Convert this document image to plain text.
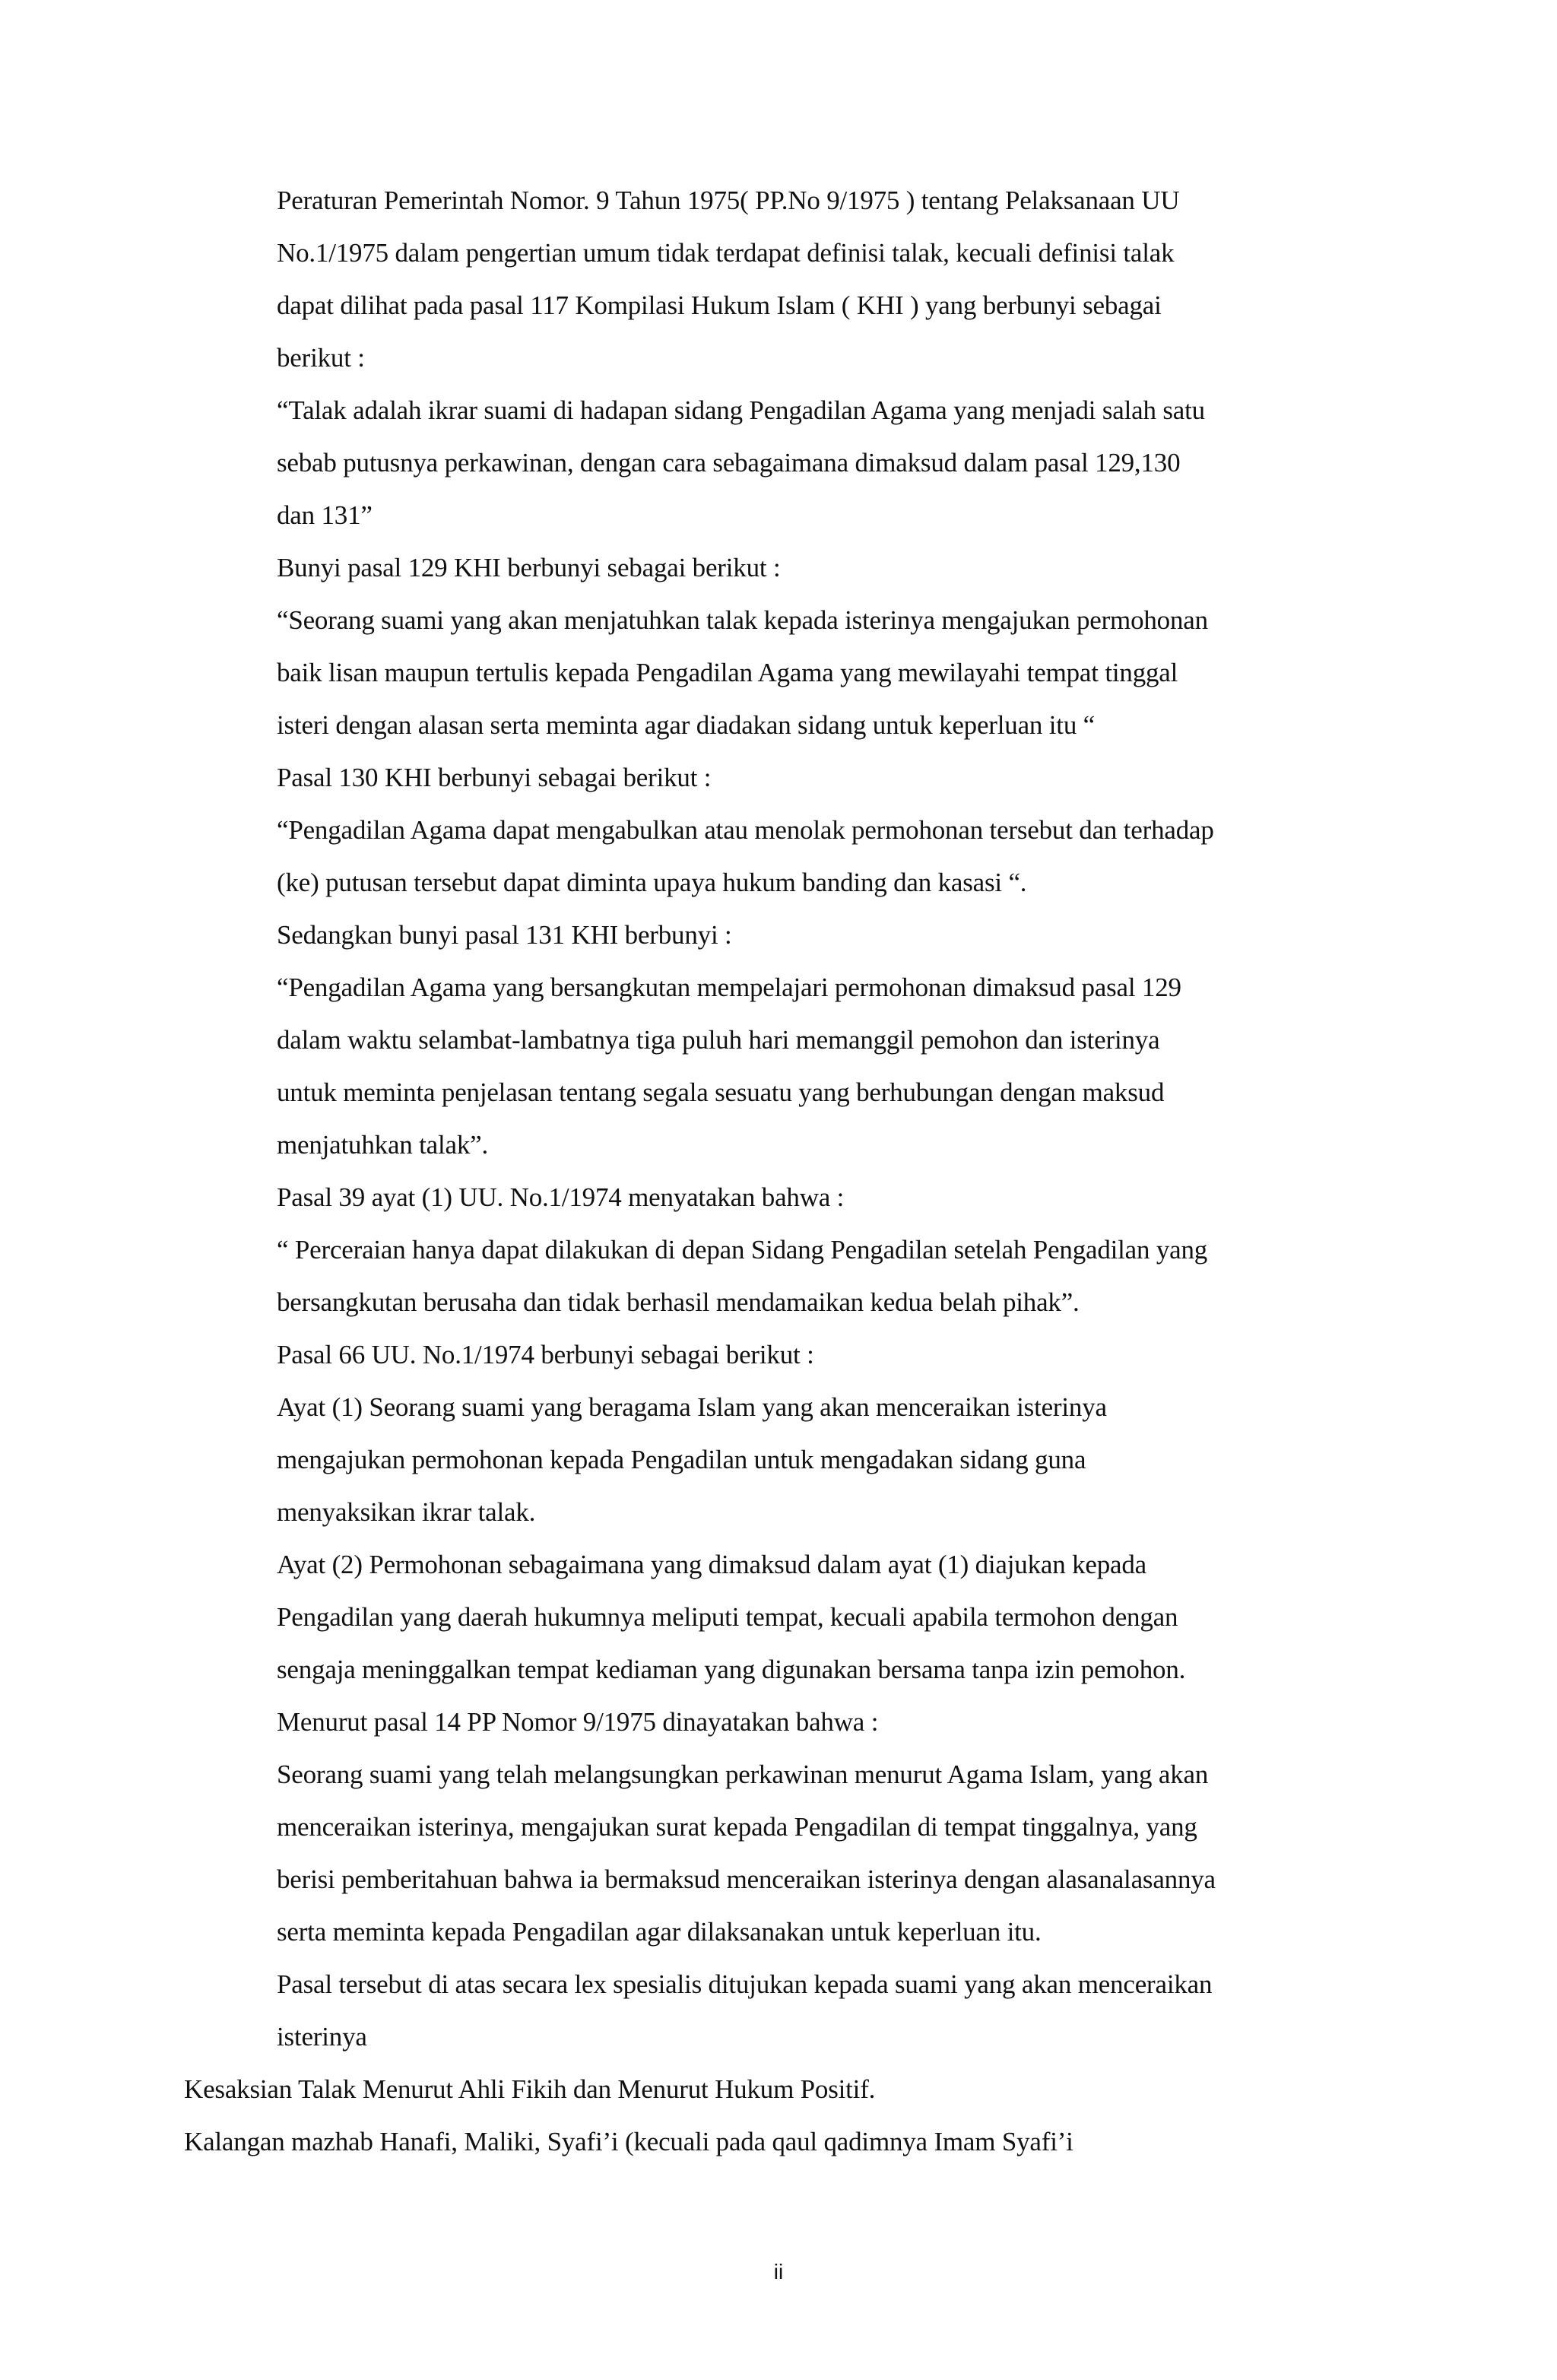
Peraturan Pemerintah Nomor. 9 Tahun 1975( PP.No 9/1975 ) tentang Pelaksanaan UU
No.1/1975 dalam pengertian umum tidak terdapat definisi talak, kecuali definisi talak
dapat dilihat pada pasal 117 Kompilasi Hukum Islam ( KHI ) yang berbunyi sebagai
berikut :
“Talak adalah ikrar suami di hadapan sidang Pengadilan Agama yang menjadi salah satu
sebab putusnya perkawinan, dengan cara sebagaimana dimaksud dalam pasal 129,130
dan 131”
Bunyi pasal 129 KHI berbunyi sebagai berikut :
“Seorang suami yang akan menjatuhkan talak kepada isterinya mengajukan permohonan
baik lisan maupun tertulis kepada Pengadilan Agama yang mewilayahi tempat tinggal
isteri dengan alasan serta meminta agar diadakan sidang untuk keperluan itu “
Pasal 130 KHI berbunyi sebagai berikut :
“Pengadilan Agama dapat mengabulkan atau menolak permohonan tersebut dan terhadap
(ke) putusan tersebut dapat diminta upaya hukum banding dan kasasi “.
Sedangkan bunyi pasal 131 KHI berbunyi :
“Pengadilan Agama yang bersangkutan mempelajari permohonan dimaksud pasal 129
dalam waktu selambat-lambatnya tiga puluh hari memanggil pemohon dan isterinya
untuk meminta penjelasan tentang segala sesuatu yang berhubungan dengan maksud
menjatuhkan talak”.
Pasal 39 ayat (1) UU. No.1/1974 menyatakan bahwa :
“ Perceraian hanya dapat dilakukan di depan Sidang Pengadilan setelah Pengadilan yang
bersangkutan berusaha dan tidak berhasil mendamaikan kedua belah pihak”.
Pasal 66 UU. No.1/1974 berbunyi sebagai berikut :
Ayat (1) Seorang suami yang beragama Islam yang akan menceraikan isterinya
mengajukan permohonan kepada Pengadilan untuk mengadakan sidang guna
menyaksikan ikrar talak.
Ayat (2) Permohonan sebagaimana yang dimaksud dalam ayat (1) diajukan kepada
Pengadilan yang daerah hukumnya meliputi tempat, kecuali apabila termohon dengan
sengaja meninggalkan tempat kediaman yang digunakan bersama tanpa izin pemohon.
Menurut pasal 14 PP Nomor 9/1975 dinayatakan bahwa :
Seorang suami yang telah melangsungkan perkawinan menurut Agama Islam, yang akan
menceraikan isterinya, mengajukan surat kepada Pengadilan di tempat tinggalnya, yang
berisi pemberitahuan bahwa ia bermaksud menceraikan isterinya dengan alasanalasannya
serta meminta kepada Pengadilan agar dilaksanakan untuk keperluan itu.
Pasal tersebut di atas secara lex spesialis ditujukan kepada suami yang akan menceraikan
isterinya
Kesaksian Talak Menurut Ahli Fikih dan Menurut Hukum Positif.
Kalangan mazhab Hanafi, Maliki, Syafi’i (kecuali pada qaul qadimnya Imam Syafi’i
ii
